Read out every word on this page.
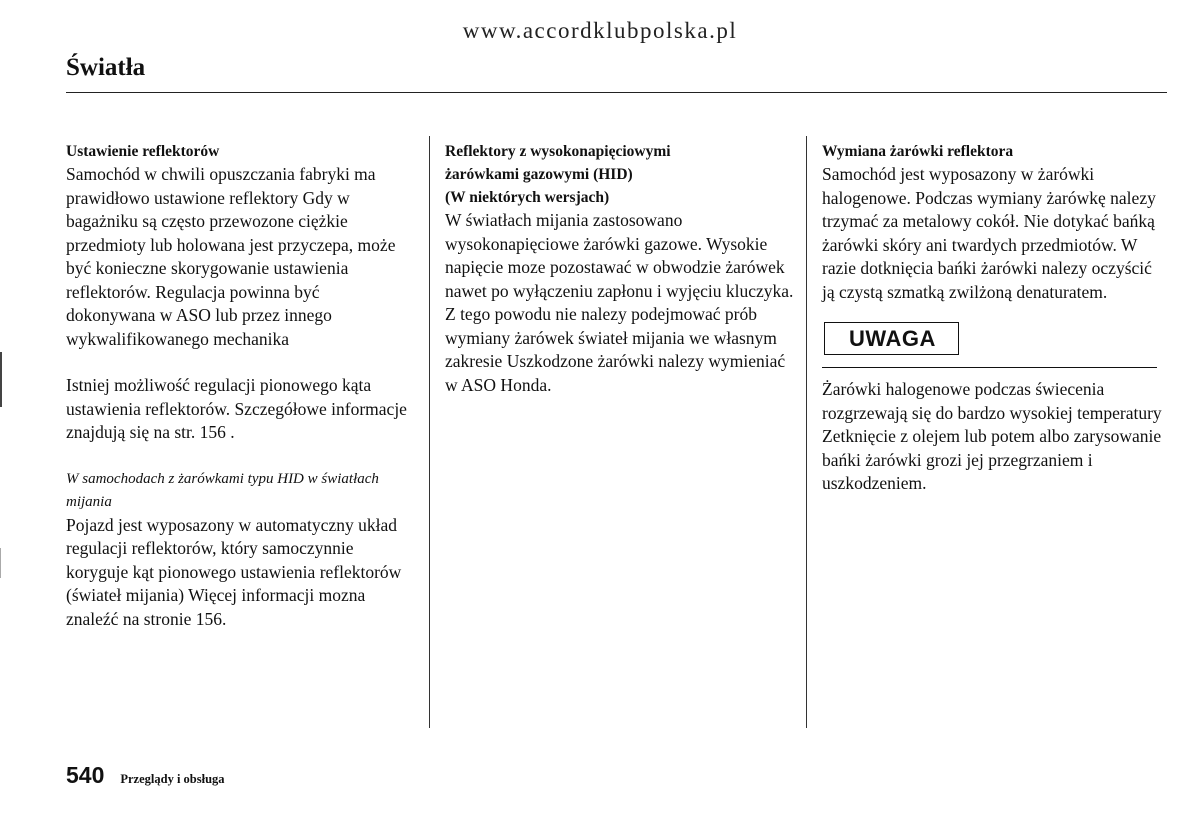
www.accordklubpolska.pl
Światła
Ustawienie reflektorów

Samochód w chwili opuszczania fabryki ma prawidłowo ustawione reflektory Gdy w bagażniku są często przewozone ciężkie przedmioty lub holowana jest przyczepa, może być konieczne skorygowanie ustawienia reflektorów. Regulacja powinna być dokonywana w ASO lub przez innego wykwalifikowanego mechanika

Istniej możliwość regulacji pionowego kąta ustawienia reflektorów. Szczegółowe informacje znajdują się na str. 156 .

W samochodach z żarówkami typu HID w światłach mijania

Pojazd jest wyposazony w automatyczny układ regulacji reflektorów, który samoczynnie koryguje kąt pionowego ustawienia reflektorów (świateł mijania) Więcej informacji mozna znaleźć na stronie 156.

Reflektory z wysokonapięciowymi
żarówkami gazowymi (HID)
(W niektórych wersjach)

W światłach mijania zastosowano wysokonapięciowe żarówki gazowe. Wysokie napięcie moze pozostawać w obwodzie żarówek nawet po wyłączeniu zapłonu i wyjęciu kluczyka. Z tego powodu nie nalezy podejmować prób wymiany żarówek świateł mijania we własnym zakresie Uszkodzone żarówki nalezy wymieniać w ASO Honda.

Wymiana żarówki reflektora

Samochód jest wyposazony w żarówki halogenowe. Podczas wymiany żarówkę nalezy trzymać za metalowy cokół. Nie dotykać bańką żarówki skóry ani twardych przedmiotów. W razie dotknięcia bańki żarówki nalezy oczyścić ją czystą szmatką zwilżoną denaturatem.

UWAGA

Żarówki halogenowe podczas świecenia rozgrzewają się do bardzo wysokiej temperatury Zetknięcie z olejem lub potem albo zarysowanie bańki żarówki grozi jej przegrzaniem i uszkodzeniem.

540 Przeglądy i obsługa
